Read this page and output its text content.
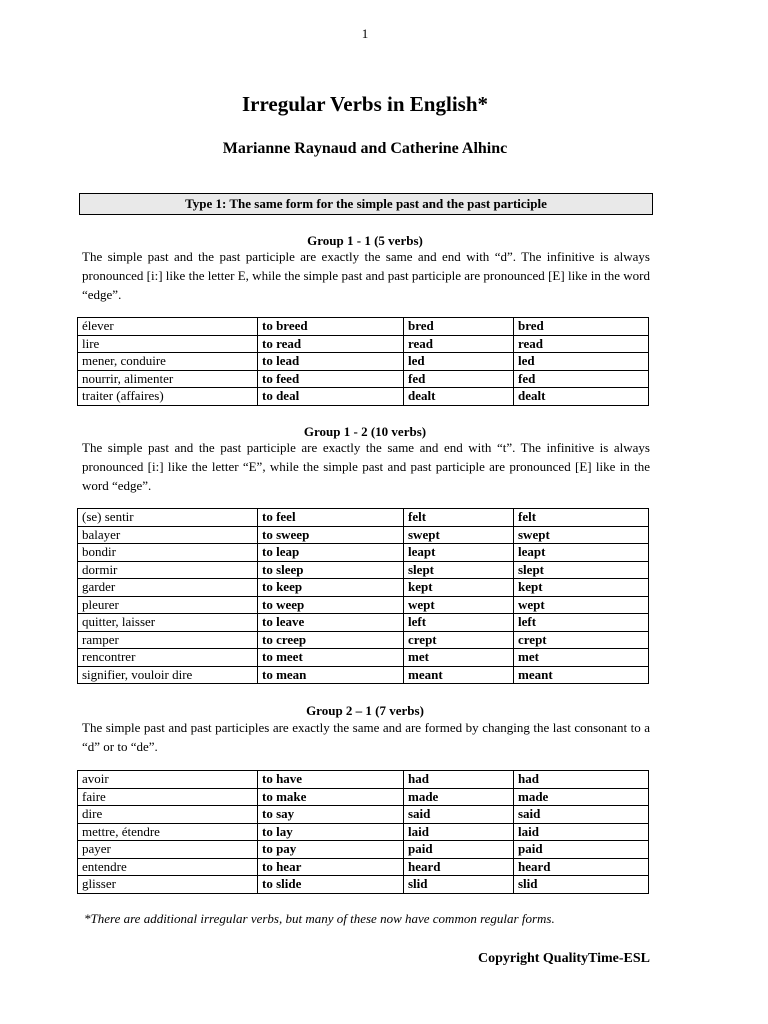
1
Irregular Verbs in English*
Marianne Raynaud and Catherine Alhinc
Type 1: The same form for the simple past and the past participle
Group 1 - 1 (5 verbs)
The simple past and the past participle are exactly the same and end with “d”. The infinitive is always pronounced [i:] like the letter E, while the simple past and past participle are pronounced [E] like in the word “edge”.
élever	to breed	bred	bred
lire	to read	read	read
mener, conduire	to lead	led	led
nourrir, alimenter	to feed	fed	fed
traiter (affaires)	to deal	dealt	dealt
Group 1 - 2 (10 verbs)
The simple past and the past participle are exactly the same and end with “t”. The infinitive is always pronounced [i:] like the letter “E”, while the simple past and past participle are pronounced [E] like in the word “edge”.
(se) sentir	to feel	felt	felt
balayer	to sweep	swept	swept
bondir	to leap	leapt	leapt
dormir	to sleep	slept	slept
garder	to keep	kept	kept
pleurer	to weep	wept	wept
quitter, laisser	to leave	left	left
ramper	to creep	crept	crept
rencontrer	to meet	met	met
signifier, vouloir dire	to mean	meant	meant
Group 2 – 1 (7 verbs)
The simple past and past participles are exactly the same and are formed by changing the last consonant to a “d” or to “de”.
avoir	to have	had	had
faire	to make	made	made
dire	to say	said	said
mettre, étendre	to lay	laid	laid
payer	to pay	paid	paid
entendre	to hear	heard	heard
glisser	to slide	slid	slid
*There are additional irregular verbs, but many of these now have common regular forms.
Copyright QualityTime-ESL
